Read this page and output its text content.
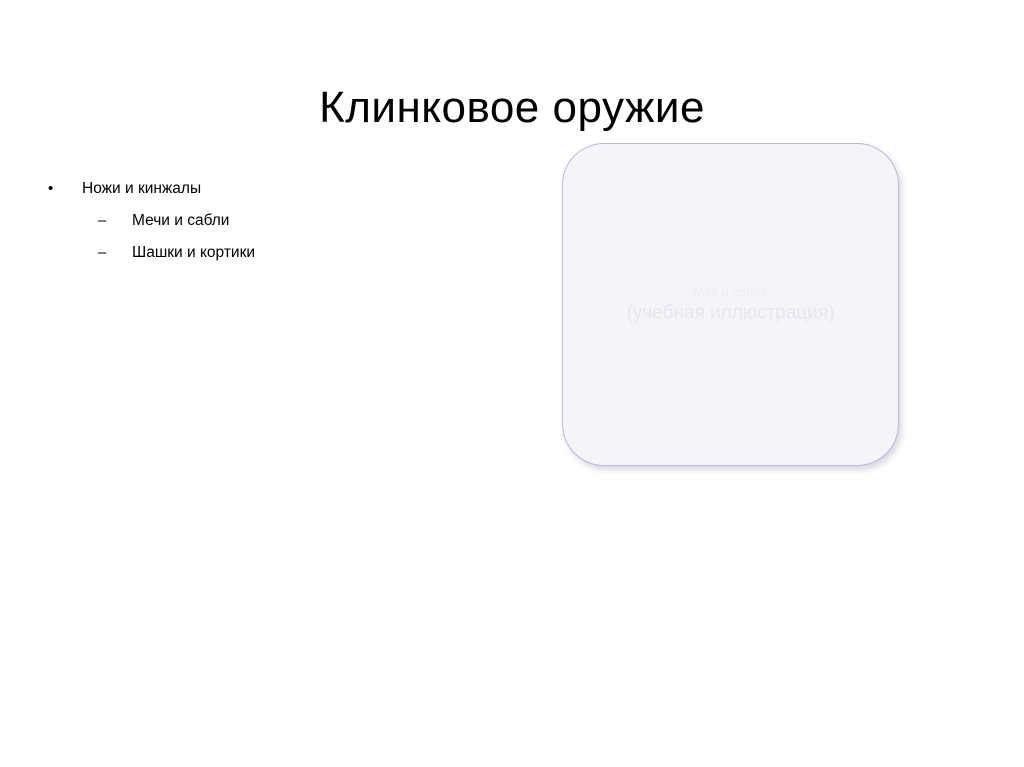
Клинковое оружие
•	Ножи и кинжалы
–	Мечи и сабли
–	Шашки и кортики
Меч и сабля
(учебная иллюстрация)
